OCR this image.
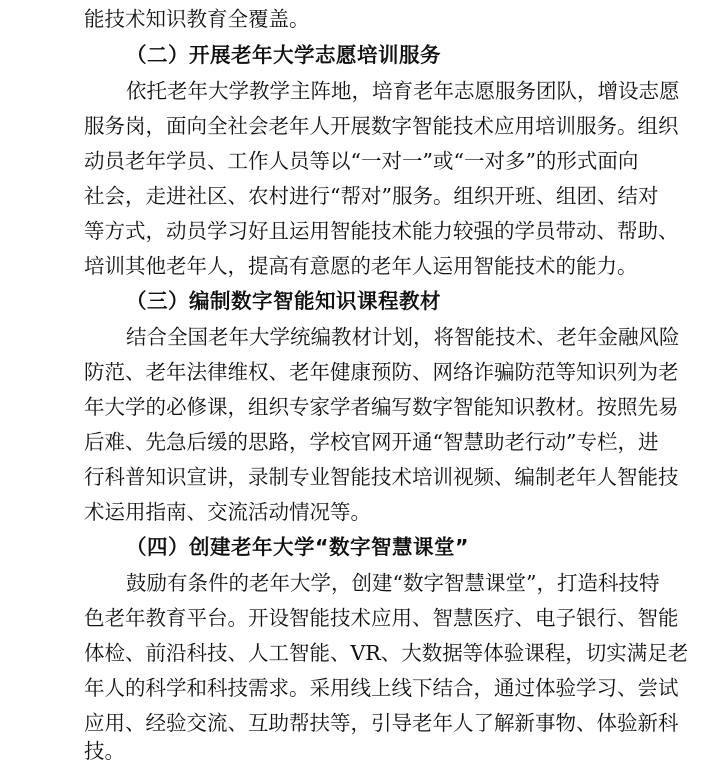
能技术知识教育全覆盖。
（二）开展老年大学志愿培训服务
依托老年大学教学主阵地，培育老年志愿服务团队，增设志愿
服务岗，面向全社会老年人开展数字智能技术应用培训服务。组织
动员老年学员、工作人员等以“一对一”或“一对多”的形式面向
社会，走进社区、农村进行“帮对”服务。组织开班、组团、结对
等方式，动员学习好且运用智能技术能力较强的学员带动、帮助、
培训其他老年人，提高有意愿的老年人运用智能技术的能力。
（三）编制数字智能知识课程教材
结合全国老年大学统编教材计划，将智能技术、老年金融风险
防范、老年法律维权、老年健康预防、网络诈骗防范等知识列为老
年大学的必修课，组织专家学者编写数字智能知识教材。按照先易
后难、先急后缓的思路，学校官网开通“智慧助老行动”专栏，进
行科普知识宣讲，录制专业智能技术培训视频、编制老年人智能技
术运用指南、交流活动情况等。
（四）创建老年大学“数字智慧课堂”
鼓励有条件的老年大学，创建“数字智慧课堂”，打造科技特
色老年教育平台。开设智能技术应用、智慧医疗、电子银行、智能
体检、前沿科技、人工智能、VR、大数据等体验课程，切实满足老
年人的科学和科技需求。采用线上线下结合，通过体验学习、尝试
应用、经验交流、互助帮扶等，引导老年人了解新事物、体验新科
技。
